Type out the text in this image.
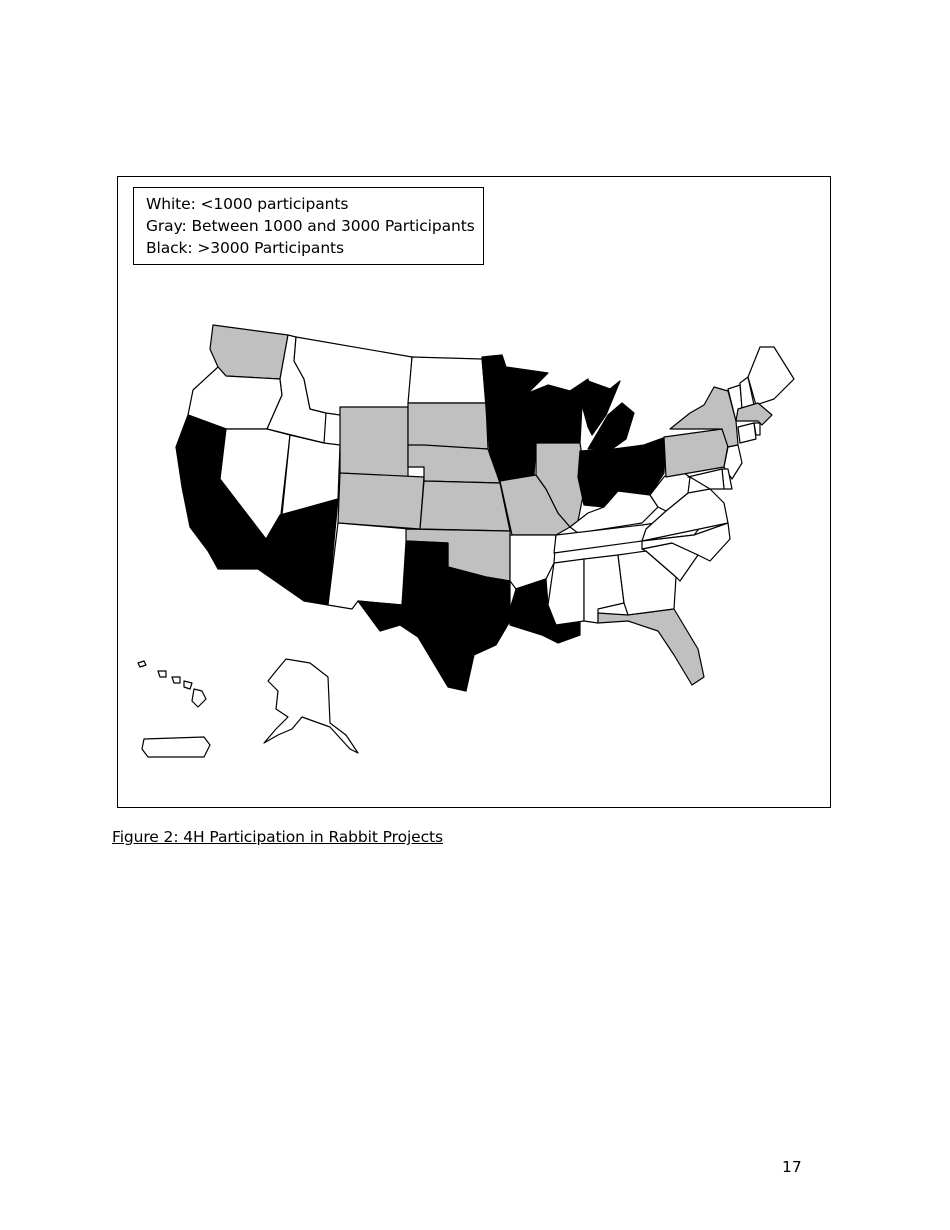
White: <1000 participants
Gray: Between 1000 and 3000 Participants
Black: >3000 Participants
Figure 2: 4H Participation in Rabbit Projects
17
